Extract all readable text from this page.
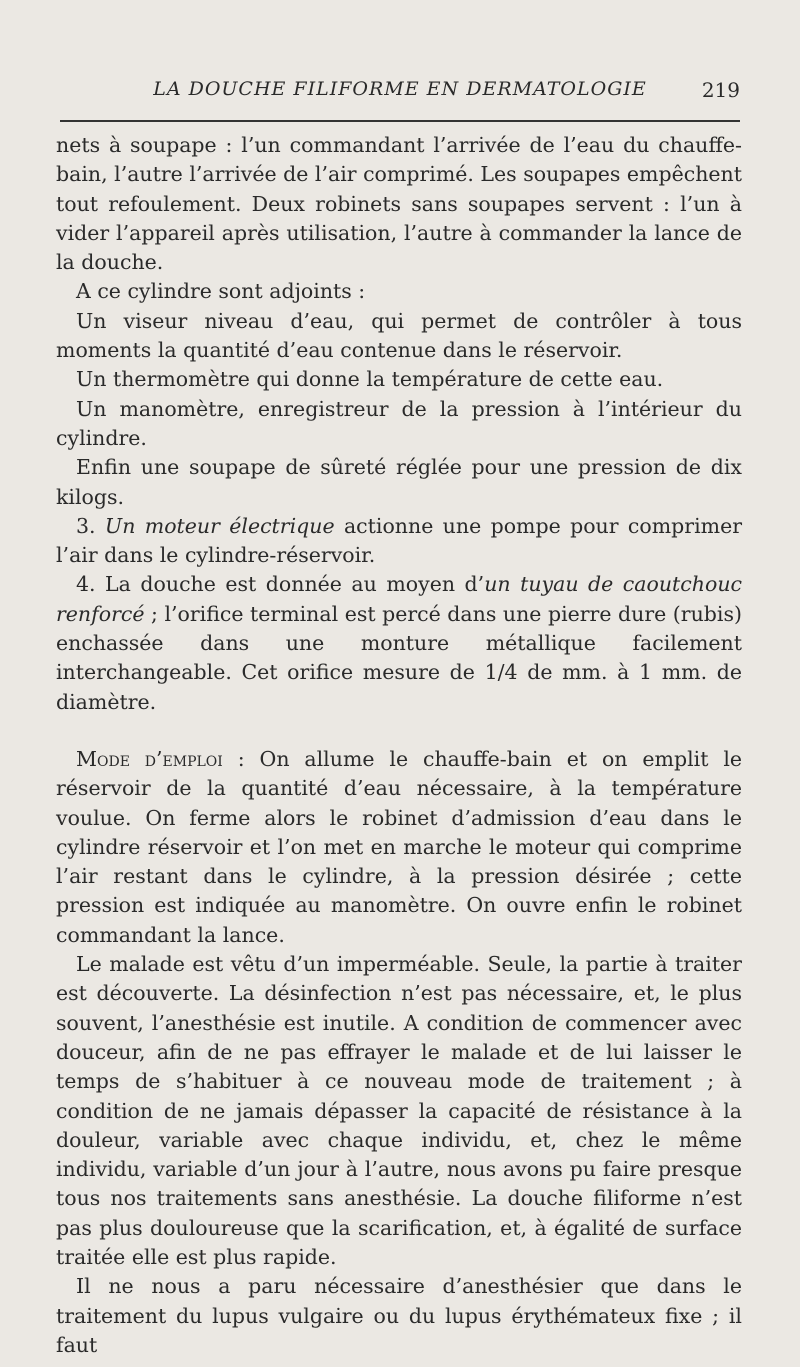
LA DOUCHE FILIFORME EN DERMATOLOGIE	219

nets à soupape : l’un commandant l’arrivée de l’eau du chauffe-bain, l’autre l’arrivée de l’air comprimé. Les soupapes empêchent tout refoulement. Deux robinets sans soupapes servent : l’un à vider l’appareil après utilisation, l’autre à commander la lance de la douche.

A ce cylindre sont adjoints :

Un viseur niveau d’eau, qui permet de contrôler à tous moments la quantité d’eau contenue dans le réservoir.

Un thermomètre qui donne la température de cette eau.

Un manomètre, enregistreur de la pression à l’intérieur du cylindre.

Enfin une soupape de sûreté réglée pour une pression de dix kilogs.

3. Un moteur électrique actionne une pompe pour comprimer l’air dans le cylindre-réservoir.

4. La douche est donnée au moyen d’un tuyau de caoutchouc renforcé ; l’orifice terminal est percé dans une pierre dure (rubis) enchassée dans une monture métallique facilement interchangeable. Cet orifice mesure de 1/4 de mm. à 1 mm. de diamètre.

Mode d’emploi : On allume le chauffe-bain et on emplit le réservoir de la quantité d’eau nécessaire, à la température voulue. On ferme alors le robinet d’admission d’eau dans le cylindre réservoir et l’on met en marche le moteur qui comprime l’air restant dans le cylindre, à la pression désirée ; cette pression est indiquée au manomètre. On ouvre enfin le robinet commandant la lance.

Le malade est vêtu d’un imperméable. Seule, la partie à traiter est découverte. La désinfection n’est pas nécessaire, et, le plus souvent, l’anesthésie est inutile. A condition de commencer avec douceur, afin de ne pas effrayer le malade et de lui laisser le temps de s’habituer à ce nouveau mode de traitement ; à condition de ne jamais dépasser la capacité de résistance à la douleur, variable avec chaque individu, et, chez le même individu, variable d’un jour à l’autre, nous avons pu faire presque tous nos traitements sans anesthésie. La douche filiforme n’est pas plus douloureuse que la scarification, et, à égalité de surface traitée elle est plus rapide.

Il ne nous a paru nécessaire d’anesthésier que dans le traitement du lupus vulgaire ou du lupus érythémateux fixe ; il faut
